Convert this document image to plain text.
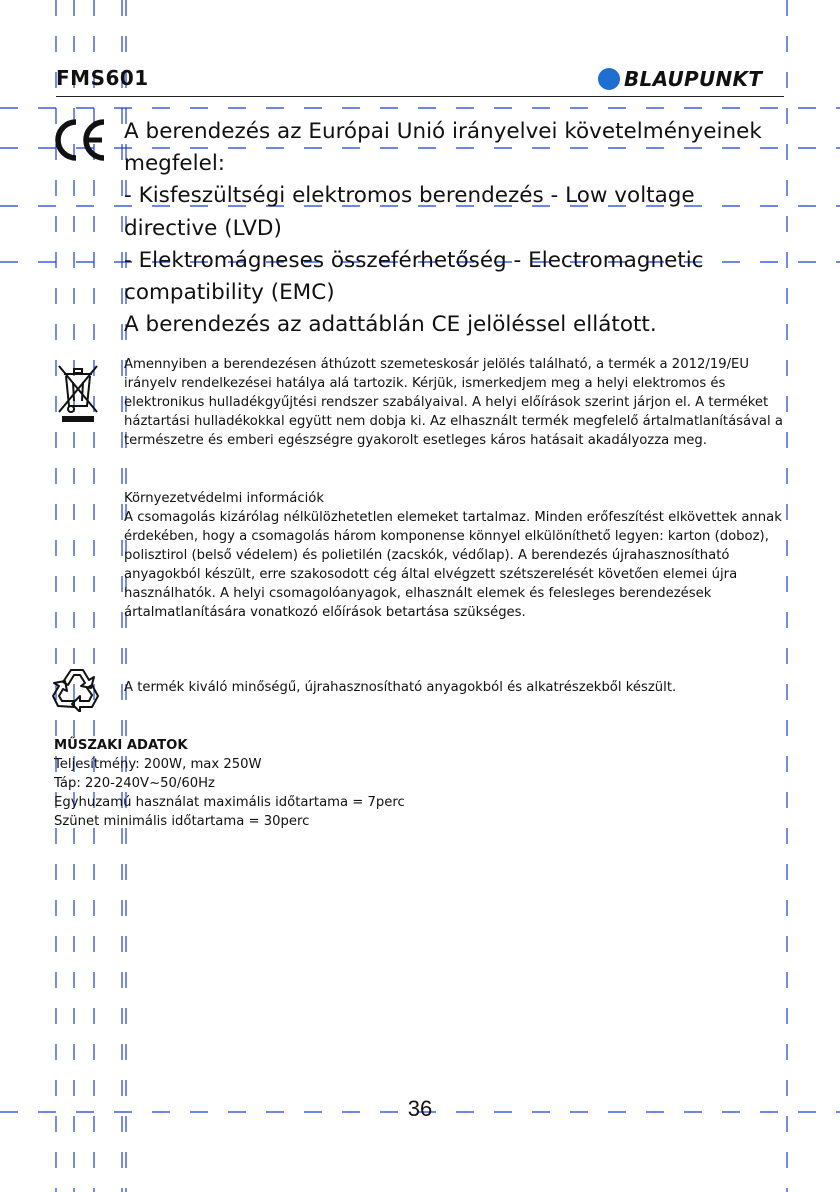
FMS601	BLAUPUNKT

A berendezés az Európai Unió irányelvei követelményeinek megfelel:

- Kisfeszültségi elektromos berendezés - Low voltage directive (LVD)

- Elektromágneses összeférhetőség - Electromagnetic compatibility (EMC)

A berendezés az adattáblán CE jelöléssel ellátott.

Amennyiben a berendezésen áthúzott szemeteskosár jelölés található, a termék a 2012/19/EU irányelv rendelkezései hatálya alá tartozik. Kérjük, ismerkedjem meg a helyi elektromos és elektronikus hulladékgyűjtési rendszer szabályaival. A helyi előírások szerint járjon el. A terméket háztartási hulladékokkal együtt nem dobja ki. Az elhasznált termék megfelelő ártalmatlanításával a természetre és emberi egészségre gyakorolt esetleges káros hatásait akadályozza meg.
Környezetvédelmi információk
A csomagolás kizárólag nélkülözhetetlen elemeket tartalmaz. Minden erőfeszítést elkövettek annak érdekében, hogy a csomagolás három komponense könnyel elkülöníthető legyen: karton (doboz), polisztirol (belső védelem) és polietilén (zacskók, védőlap). A berendezés újrahasznosítható anyagokból készült, erre szakosodott cég által elvégzett szétszerelését követően elemei újra használhatók. A helyi csomagolóanyagok, elhasznált elemek és felesleges berendezések ártalmatlanítására vonatkozó előírások betartása szükséges.
A termék kiváló minőségű, újrahasznosítható anyagokból és alkatrészekből készült.
MŰSZAKI ADATOK
Teljesítmény: 200W, max 250W
Táp: 220-240V~50/60Hz
Egyhuzamú használat maximális időtartama = 7perc
Szünet minimális időtartama = 30perc
36
